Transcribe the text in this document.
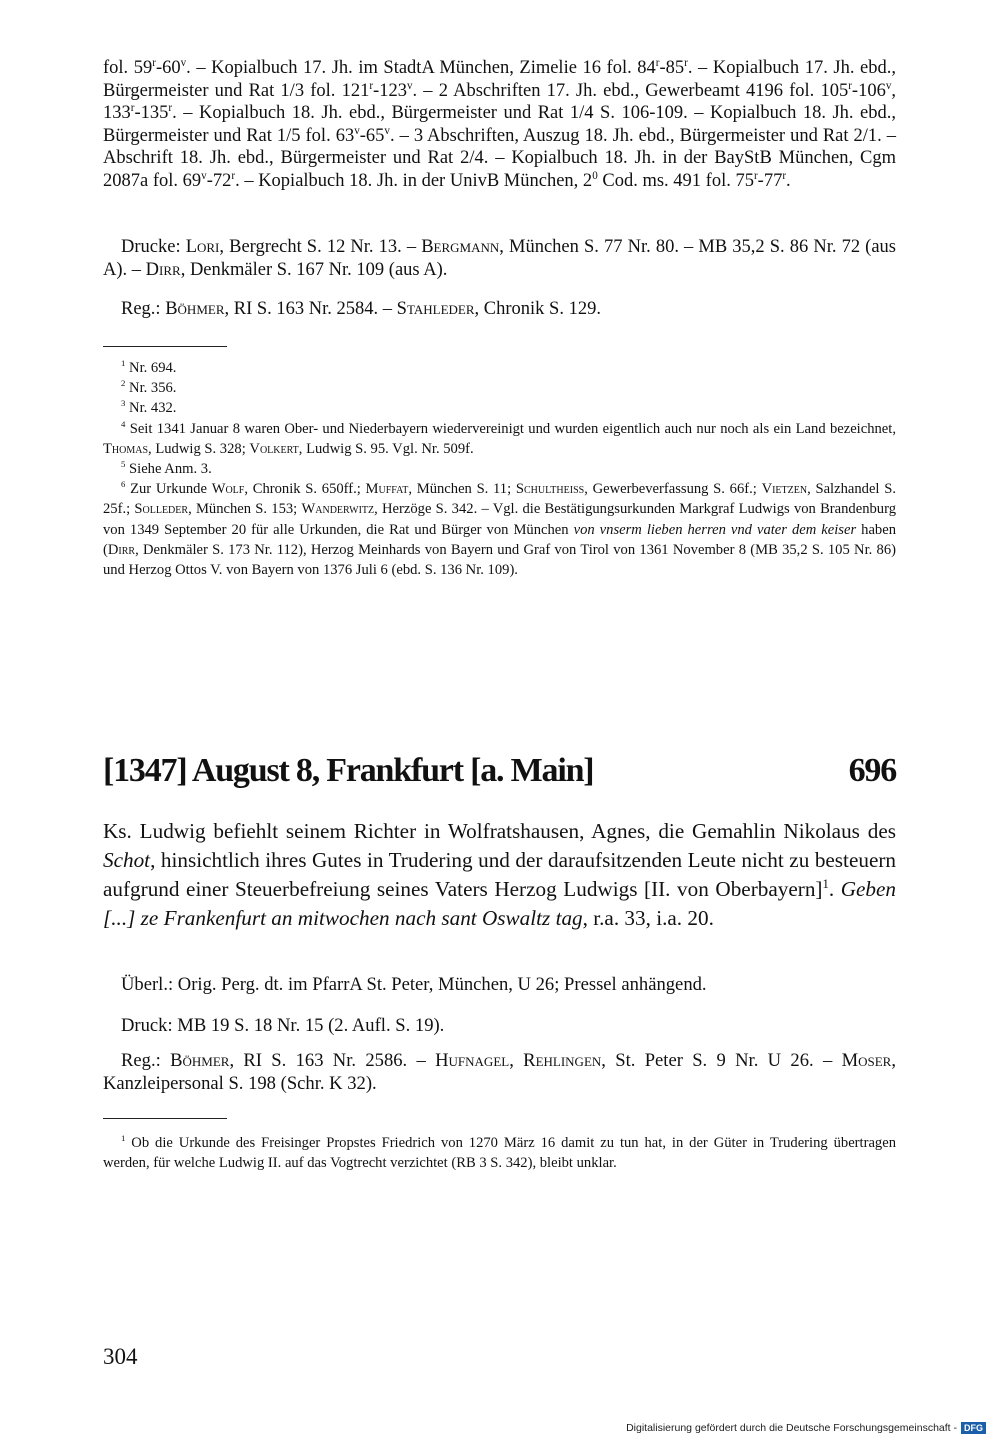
fol. 59$^r$-60$^v$. – Kopialbuch 17. Jh. im StadtA München, Zimelie 16 fol. 84$^r$-85$^r$. – Kopialbuch 17. Jh. ebd., Bürgermeister und Rat 1/3 fol. 121$^r$-123$^v$. – 2 Abschriften 17. Jh. ebd., Gewerbeamt 4196 fol. 105$^r$-106$^v$, 133$^r$-135$^r$. – Kopialbuch 18. Jh. ebd., Bürgermeister und Rat 1/4 S. 106-109. – Kopialbuch 18. Jh. ebd., Bürgermeister und Rat 1/5 fol. 63$^v$-65$^v$. – 3 Abschriften, Auszug 18. Jh. ebd., Bürgermeister und Rat 2/1. – Abschrift 18. Jh. ebd., Bürgermeister und Rat 2/4. – Kopialbuch 18. Jh. in der BayStB München, Cgm 2087a fol. 69$^v$-72$^r$. – Kopialbuch 18. Jh. in der UnivB München, $2^0$ Cod. ms. 491 fol. 75$^r$-77$^r$.

Drucke: Lori, Bergrecht S. 12 Nr. 13. – Bergmann, München S. 77 Nr. 80. – MB 35,2 S. 86 Nr. 72 (aus A). – Dirr, Denkmäler S. 167 Nr. 109 (aus A).

Reg.: Böhmer, RI S. 163 Nr. 2584. – Stahleder, Chronik S. 129.

$^1$ Nr. 694.

$^2$ Nr. 356.

$^3$ Nr. 432.

$^4$ Seit 1341 Januar 8 waren Ober- und Niederbayern wiedervereinigt und wurden eigentlich auch nur noch als ein Land bezeichnet, Thomas, Ludwig S. 328; Volkert, Ludwig S. 95. Vgl. Nr. 509f.

$^5$ Siehe Anm. 3.

$^6$ Zur Urkunde Wolf, Chronik S. 650ff.; Muffat, München S. 11; Schultheiss, Gewerbeverfassung S. 66f.; Vietzen, Salzhandel S. 25f.; Solleder, München S. 153; Wanderwitz, Herzöge S. 342. – Vgl. die Bestätigungsurkunden Markgraf Ludwigs von Brandenburg von 1349 September 20 für alle Urkunden, die Rat und Bürger von München von vnserm lieben herren vnd vater dem keiser haben (Dirr, Denkmäler S. 173 Nr. 112), Herzog Meinhards von Bayern und Graf von Tirol von 1361 November 8 (MB 35,2 S. 105 Nr. 86) und Herzog Ottos V. von Bayern von 1376 Juli 6 (ebd. S. 136 Nr. 109).

[1347] August 8, Frankfurt [a. Main]	696

Ks. Ludwig befiehlt seinem Richter in Wolfratshausen, Agnes, die Gemahlin Nikolaus des Schot, hinsichtlich ihres Gutes in Trudering und der daraufsitzenden Leute nicht zu besteuern aufgrund einer Steuerbefreiung seines Vaters Herzog Ludwigs [II. von Oberbayern]$^1$. Geben [...] ze Frankenfurt an mitwochen nach sant Oswaltz tag, r.a. 33, i.a. 20.

Überl.: Orig. Perg. dt. im PfarrA St. Peter, München, U 26; Pressel anhängend.

Druck: MB 19 S. 18 Nr. 15 (2. Aufl. S. 19).

Reg.: Böhmer, RI S. 163 Nr. 2586. – Hufnagel, Rehlingen, St. Peter S. 9 Nr. U 26. – Moser, Kanzleipersonal S. 198 (Schr. K 32).

$^1$ Ob die Urkunde des Freisinger Propstes Friedrich von 1270 März 16 damit zu tun hat, in der Güter in Trudering übertragen werden, für welche Ludwig II. auf das Vogtrecht verzichtet (RB 3 S. 342), bleibt unklar.

304
Digitalisierung gefördert durch die Deutsche Forschungsgemeinschaft - DFG
